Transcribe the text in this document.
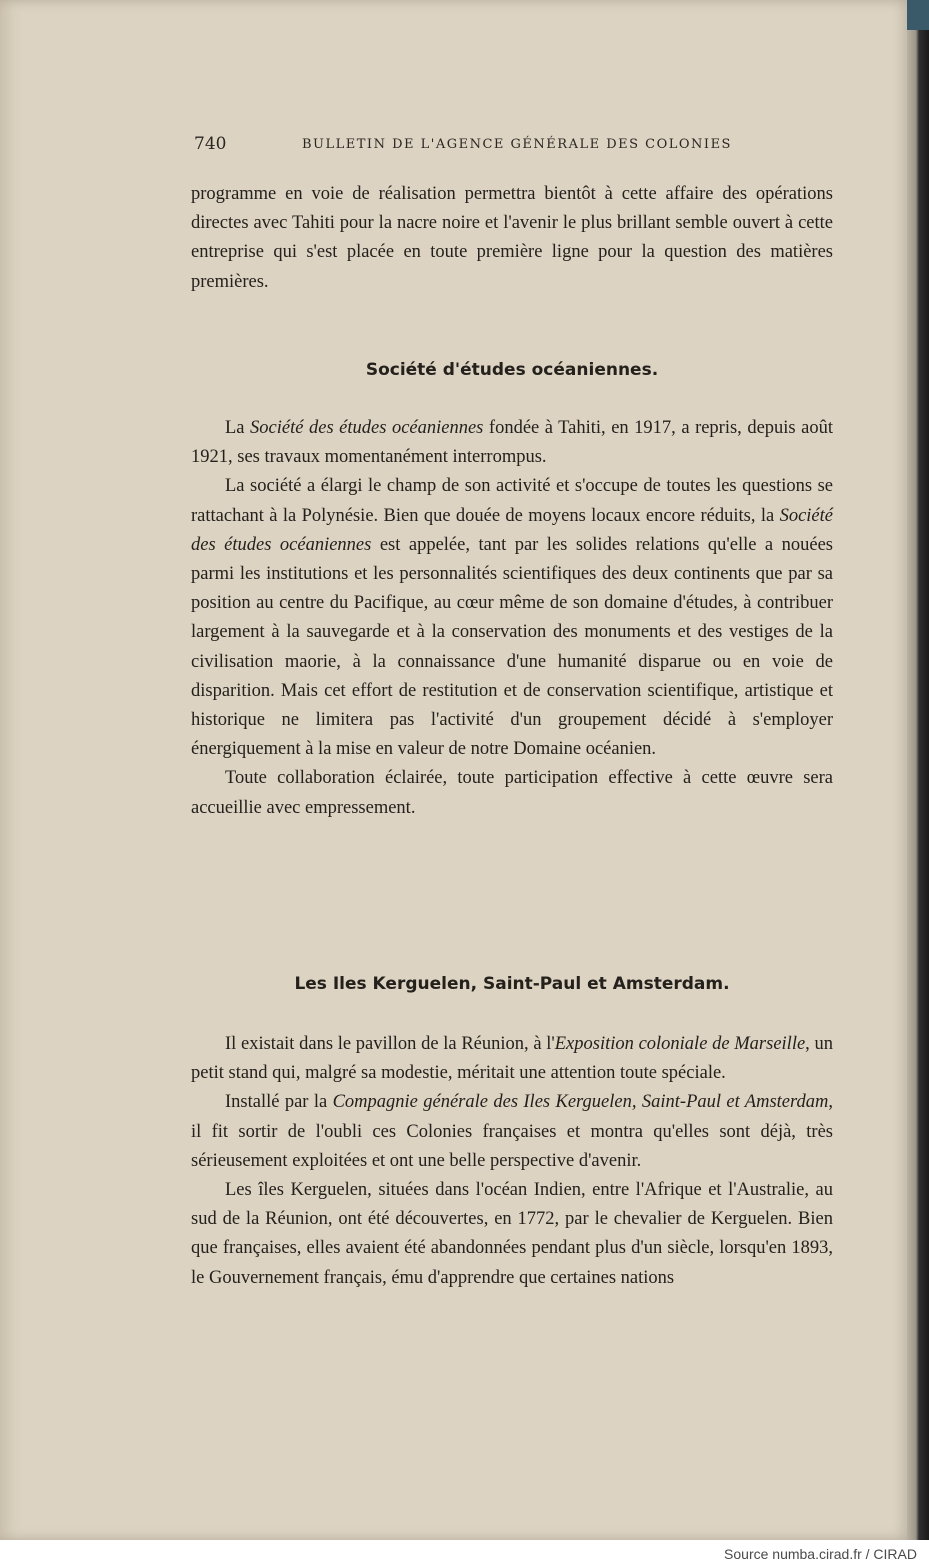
740	BULLETIN DE L'AGENCE GÉNÉRALE DES COLONIES

programme en voie de réalisation permettra bientôt à cette affaire des opérations directes avec Tahiti pour la nacre noire et l'avenir le plus brillant semble ouvert à cette entreprise qui s'est placée en toute première ligne pour la question des matières premières.

Société d'études océaniennes.

La Société des études océaniennes fondée à Tahiti, en 1917, a repris, depuis août 1921, ses travaux momentanément interrompus.

La société a élargi le champ de son activité et s'occupe de toutes les questions se rattachant à la Polynésie. Bien que douée de moyens locaux encore réduits, la Société des études océaniennes est appelée, tant par les solides relations qu'elle a nouées parmi les institutions et les personnalités scientifiques des deux continents que par sa position au centre du Pacifique, au cœur même de son domaine d'études, à contribuer largement à la sauvegarde et à la conservation des monuments et des vestiges de la civilisation maorie, à la connaissance d'une humanité disparue ou en voie de disparition. Mais cet effort de restitution et de conservation scientifique, artistique et historique ne limitera pas l'activité d'un groupement décidé à s'employer énergiquement à la mise en valeur de notre Domaine océanien.

Toute collaboration éclairée, toute participation effective à cette œuvre sera accueillie avec empressement.

Les Iles Kerguelen, Saint-Paul et Amsterdam.

Il existait dans le pavillon de la Réunion, à l'Exposition coloniale de Marseille, un petit stand qui, malgré sa modestie, méritait une attention toute spéciale.

Installé par la Compagnie générale des Iles Kerguelen, Saint-Paul et Amsterdam, il fit sortir de l'oubli ces Colonies françaises et montra qu'elles sont déjà, très sérieusement exploitées et ont une belle perspective d'avenir.

Les îles Kerguelen, situées dans l'océan Indien, entre l'Afrique et l'Australie, au sud de la Réunion, ont été découvertes, en 1772, par le chevalier de Kerguelen. Bien que françaises, elles avaient été abandonnées pendant plus d'un siècle, lorsqu'en 1893, le Gouvernement français, ému d'apprendre que certaines nations

Source numba.cirad.fr / CIRAD
